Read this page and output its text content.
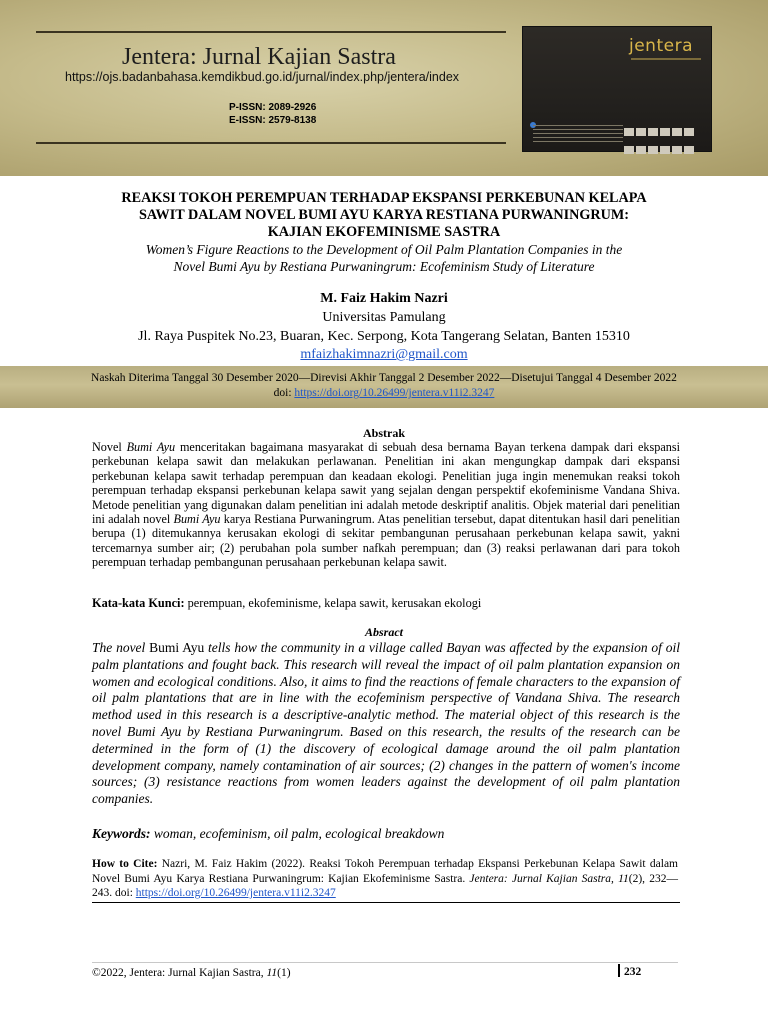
Jentera: Jurnal Kajian Sastra
https://ojs.badanbahasa.kemdikbud.go.id/jurnal/index.php/jentera/index
P-ISSN: 2089-2926
E-ISSN: 2579-8138
jentera

REAKSI TOKOH PEREMPUAN TERHADAP EKSPANSI PERKEBUNAN KELAPA
SAWIT DALAM NOVEL BUMI AYU KARYA RESTIANA PURWANINGRUM:
KAJIAN EKOFEMINISME SASTRA
Women’s Figure Reactions to the Development of Oil Palm Plantation Companies in the
Novel Bumi Ayu by Restiana Purwaningrum: Ecofeminism Study of Literature
M. Faiz Hakim Nazri
Universitas Pamulang
Jl. Raya Puspitek No.23, Buaran, Kec. Serpong, Kota Tangerang Selatan, Banten 15310
mfaizhakimnazri@gmail.com
Naskah Diterima Tanggal 30 Desember 2020—Direvisi Akhir Tanggal 2 Desember 2022—Disetujui Tanggal 4 Desember 2022
doi: https://doi.org/10.26499/jentera.v11i2.3247
Abstrak
Novel Bumi Ayu menceritakan bagaimana masyarakat di sebuah desa bernama Bayan terkena dampak dari ekspansi perkebunan kelapa sawit dan melakukan perlawanan. Penelitian ini akan mengungkap dampak dari ekspansi perkebunan kelapa sawit terhadap perempuan dan keadaan ekologi. Penelitian juga ingin menemukan reaksi tokoh perempuan terhadap ekspansi perkebunan kelapa sawit yang sejalan dengan perspektif ekofeminisme Vandana Shiva. Metode penelitian yang digunakan dalam penelitian ini adalah metode deskriptif analitis. Objek material dari penelitian ini adalah novel Bumi Ayu karya Restiana Purwaningrum. Atas penelitian tersebut, dapat ditentukan hasil dari penelitian berupa (1) ditemukannya kerusakan ekologi di sekitar pembangunan perusahaan perkebunan kelapa sawit, yakni tercemarnya sumber air; (2) perubahan pola sumber nafkah perempuan; dan (3) reaksi perlawanan dari para tokoh perempuan terhadap pembangunan perusahaan perkebunan kelapa sawit.
Kata-kata Kunci: perempuan, ekofeminisme, kelapa sawit, kerusakan ekologi
Absract
The novel Bumi Ayu tells how the community in a village called Bayan was affected by the expansion of oil palm plantations and fought back. This research will reveal the impact of oil palm plantation expansion on women and ecological conditions. Also, it aims to find the reactions of female characters to the expansion of oil palm plantations that are in line with the ecofeminism perspective of Vandana Shiva. The research method used in this research is a descriptive-analytic method. The material object of this research is the novel Bumi Ayu by Restiana Purwaningrum. Based on this research, the results of the research can be determined in the form of (1) the discovery of ecological damage around the oil palm plantation development company, namely contamination of air sources; (2) changes in the pattern of women's income sources; (3) resistance reactions from women leaders against the development of oil palm plantation companies.
Keywords: woman, ecofeminism, oil palm, ecological breakdown
How to Cite: Nazri, M. Faiz Hakim (2022). Reaksi Tokoh Perempuan terhadap Ekspansi Perkebunan Kelapa Sawit dalam Novel Bumi Ayu Karya Restiana Purwaningrum: Kajian Ekofeminisme Sastra. Jentera: Jurnal Kajian Sastra, 11(2), 232—243. doi: https://doi.org/10.26499/jentera.v11i2.3247
©2022, Jentera: Jurnal Kajian Sastra, 11(1)	232
